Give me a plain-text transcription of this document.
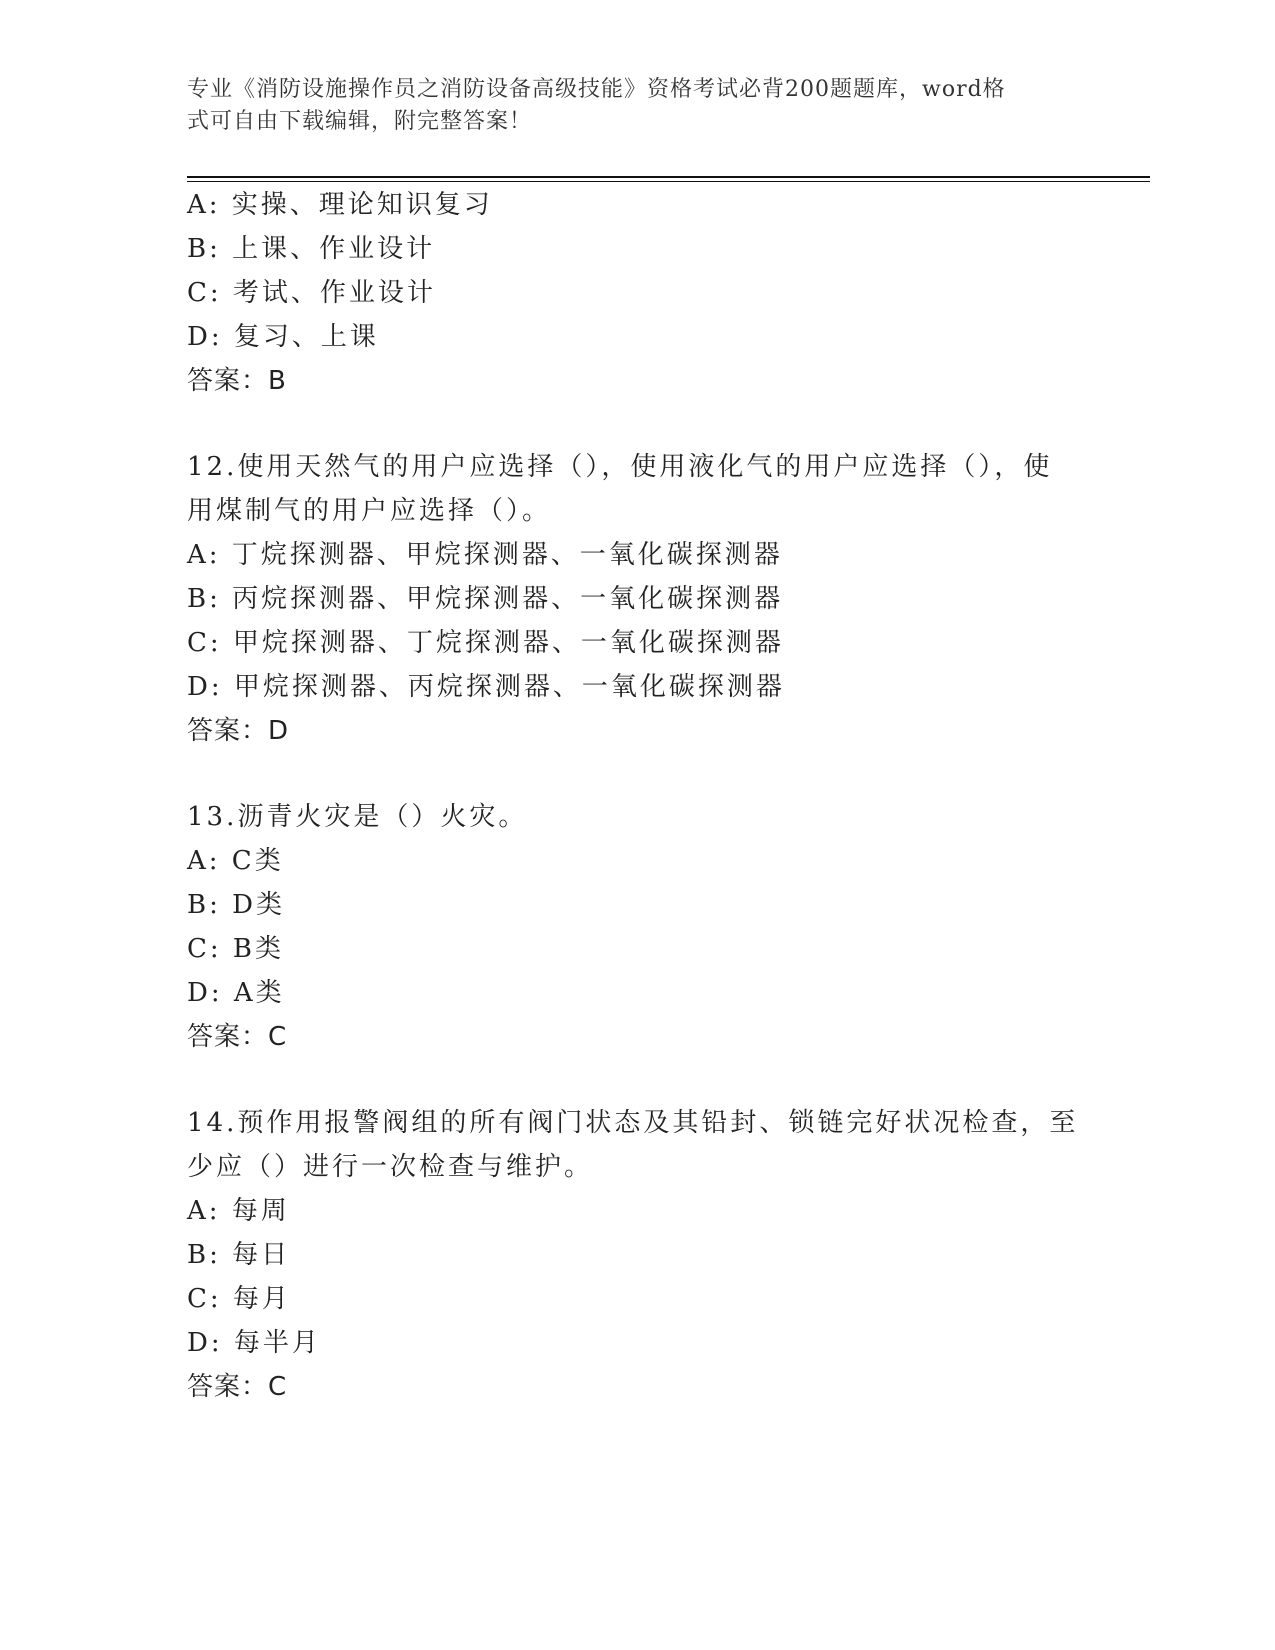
专业《消防设施操作员之消防设备高级技能》资格考试必背200题题库，word格
式可自由下载编辑，附完整答案！
A: 实操、理论知识复习
B: 上课、作业设计
C: 考试、作业设计
D: 复习、上课
答案：B
12.使用天然气的用户应选择（），使用液化气的用户应选择（），使
用煤制气的用户应选择（）。
A: 丁烷探测器、甲烷探测器、一氧化碳探测器
B: 丙烷探测器、甲烷探测器、一氧化碳探测器
C: 甲烷探测器、丁烷探测器、一氧化碳探测器
D: 甲烷探测器、丙烷探测器、一氧化碳探测器
答案：D
13.沥青火灾是（）火灾。
A: C类
B: D类
C: B类
D: A类
答案：C
14.预作用报警阀组的所有阀门状态及其铅封、锁链完好状况检查，至
少应（）进行一次检查与维护。
A: 每周
B: 每日
C: 每月
D: 每半月
答案：C
